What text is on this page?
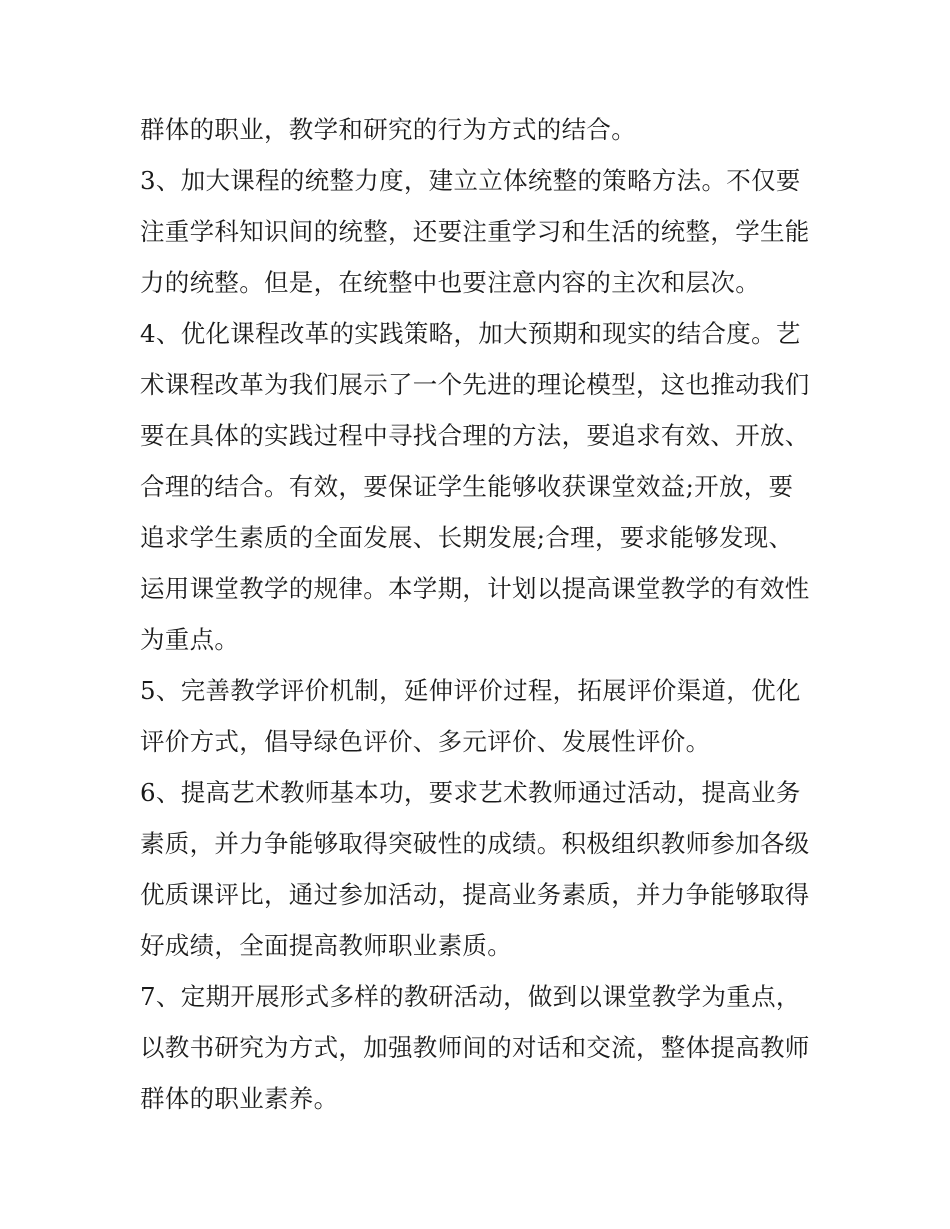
群体的职业，教学和研究的行为方式的结合。
3、加大课程的统整力度，建立立体统整的策略方法。不仅要
注重学科知识间的统整，还要注重学习和生活的统整，学生能
力的统整。但是，在统整中也要注意内容的主次和层次。
4、优化课程改革的实践策略，加大预期和现实的结合度。艺
术课程改革为我们展示了一个先进的理论模型，这也推动我们
要在具体的实践过程中寻找合理的方法，要追求有效、开放、
合理的结合。有效，要保证学生能够收获课堂效益;开放，要
追求学生素质的全面发展、长期发展;合理，要求能够发现、
运用课堂教学的规律。本学期，计划以提高课堂教学的有效性
为重点。
5、完善教学评价机制，延伸评价过程，拓展评价渠道，优化
评价方式，倡导绿色评价、多元评价、发展性评价。
6、提高艺术教师基本功，要求艺术教师通过活动，提高业务
素质，并力争能够取得突破性的成绩。积极组织教师参加各级
优质课评比，通过参加活动，提高业务素质，并力争能够取得
好成绩，全面提高教师职业素质。
7、定期开展形式多样的教研活动，做到以课堂教学为重点，
以教书研究为方式，加强教师间的对话和交流，整体提高教师
群体的职业素养。
